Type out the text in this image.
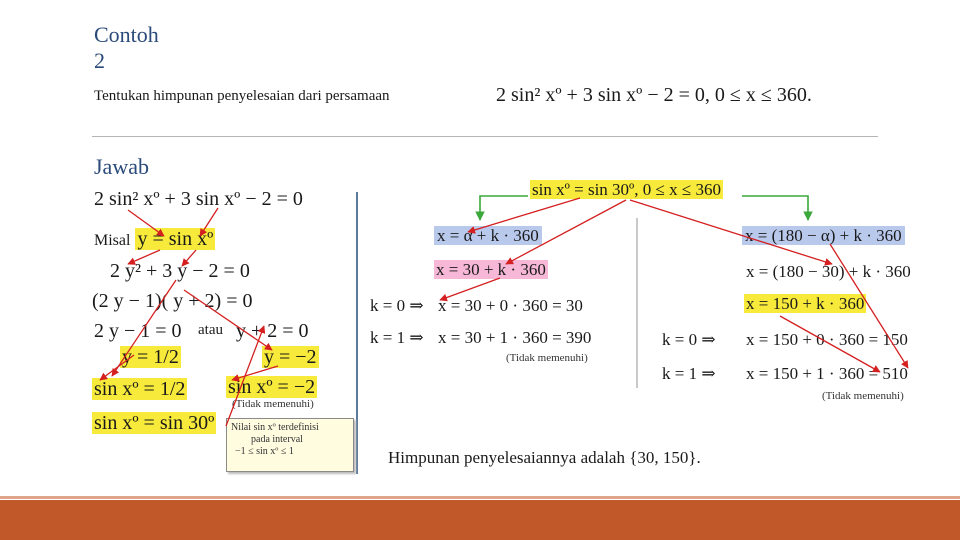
Contoh 2
Tentukan himpunan penyelesaian dari persamaan	2 sin² xº + 3 sin xº − 2 = 0, 0 ≤ x ≤ 360.
Jawab
2 sin² xº + 3 sin xº − 2 = 0
Misal y = sin xº
2 y² + 3 y − 2 = 0
(2 y − 1)( y + 2) = 0
2 y − 1 = 0 atau y + 2 = 0
y = 1/2	y = −2
sin xº = 1/2 sin xº = −2
(Tidak memenuhi)
sin xº = sin 30º Nilai sin xº terdefinisi
pada interval
−1 ≤ sin xº ≤ 1
sin xº = sin 30º, 0 ≤ x ≤ 360
x = α + k · 360
x = 30 + k · 360
k = 0 ⇒ x = 30 + 0 · 360 = 30
k = 1 ⇒ x = 30 + 1 · 360 = 390
(Tidak memenuhi)
x = (180 − α) + k · 360
x = (180 − 30) + k · 360
x = 150 + k · 360
k = 0 ⇒ x = 150 + 0 · 360 = 150
k = 1 ⇒ x = 150 + 1 · 360 = 510
(Tidak memenuhi)
Himpunan penyelesaiannya adalah {30, 150}.
